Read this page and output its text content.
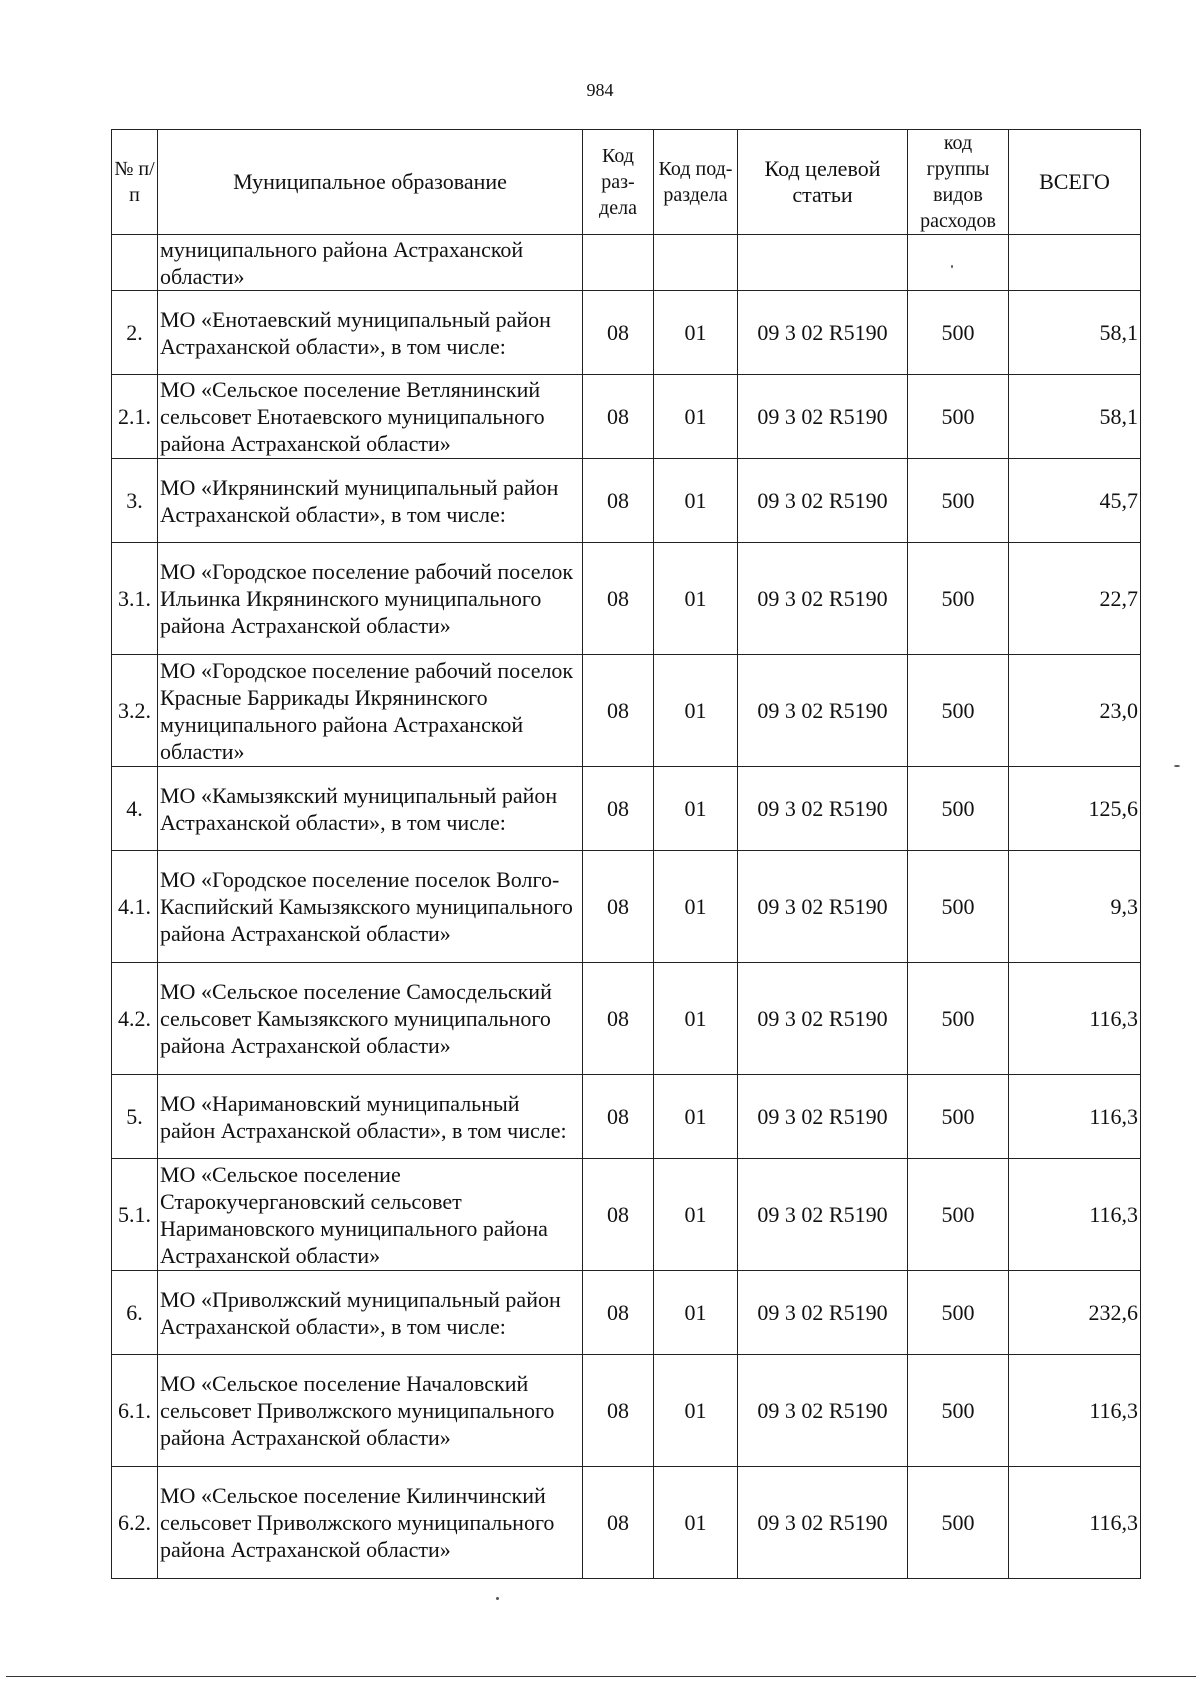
984
№ п/п	Муниципальное образование	Код раз- дела	Код под- раздела	Код целевой статьи	код группы видов расходов	ВСЕГО
	муниципального района Астраханской области»					
2.	МО «Енотаевский муниципальный район Астраханской области», в том числе:	08	01	09 3 02 R5190	500	58,1
2.1.	МО «Сельское поселение Ветлянинский сельсовет Енотаевского муниципального района Астраханской области»	08	01	09 3 02 R5190	500	58,1
3.	МО «Икрянинский муниципальный район Астраханской области», в том числе:	08	01	09 3 02 R5190	500	45,7
3.1.	МО «Городское поселение рабочий поселок Ильинка Икрянинского муниципального района Астраханской области»	08	01	09 3 02 R5190	500	22,7
3.2.	МО «Городское поселение рабочий поселок Красные Баррикады Икрянинского муниципального района Астраханской области»	08	01	09 3 02 R5190	500	23,0
4.	МО «Камызякский муниципальный район Астраханской области», в том числе:	08	01	09 3 02 R5190	500	125,6
4.1.	МО «Городское поселение поселок Волго-Каспийский Камызякского муниципального района Астраханской области»	08	01	09 3 02 R5190	500	9,3
4.2.	МО «Сельское поселение Самосдельский сельсовет Камызякского муниципального района Астраханской области»	08	01	09 3 02 R5190	500	116,3
5.	МО «Наримановский муниципальный район Астраханской области», в том числе:	08	01	09 3 02 R5190	500	116,3
5.1.	МО «Сельское поселение Старокучергановский сельсовет Наримановского муниципального района Астраханской области»	08	01	09 3 02 R5190	500	116,3
6.	МО «Приволжский муниципальный район Астраханской области», в том числе:	08	01	09 3 02 R5190	500	232,6
6.1.	МО «Сельское поселение Началовский сельсовет Приволжского муниципального района Астраханской области»	08	01	09 3 02 R5190	500	116,3
6.2.	МО «Сельское поселение Килинчинский сельсовет Приволжского муниципального района Астраханской области»	08	01	09 3 02 R5190	500	116,3
